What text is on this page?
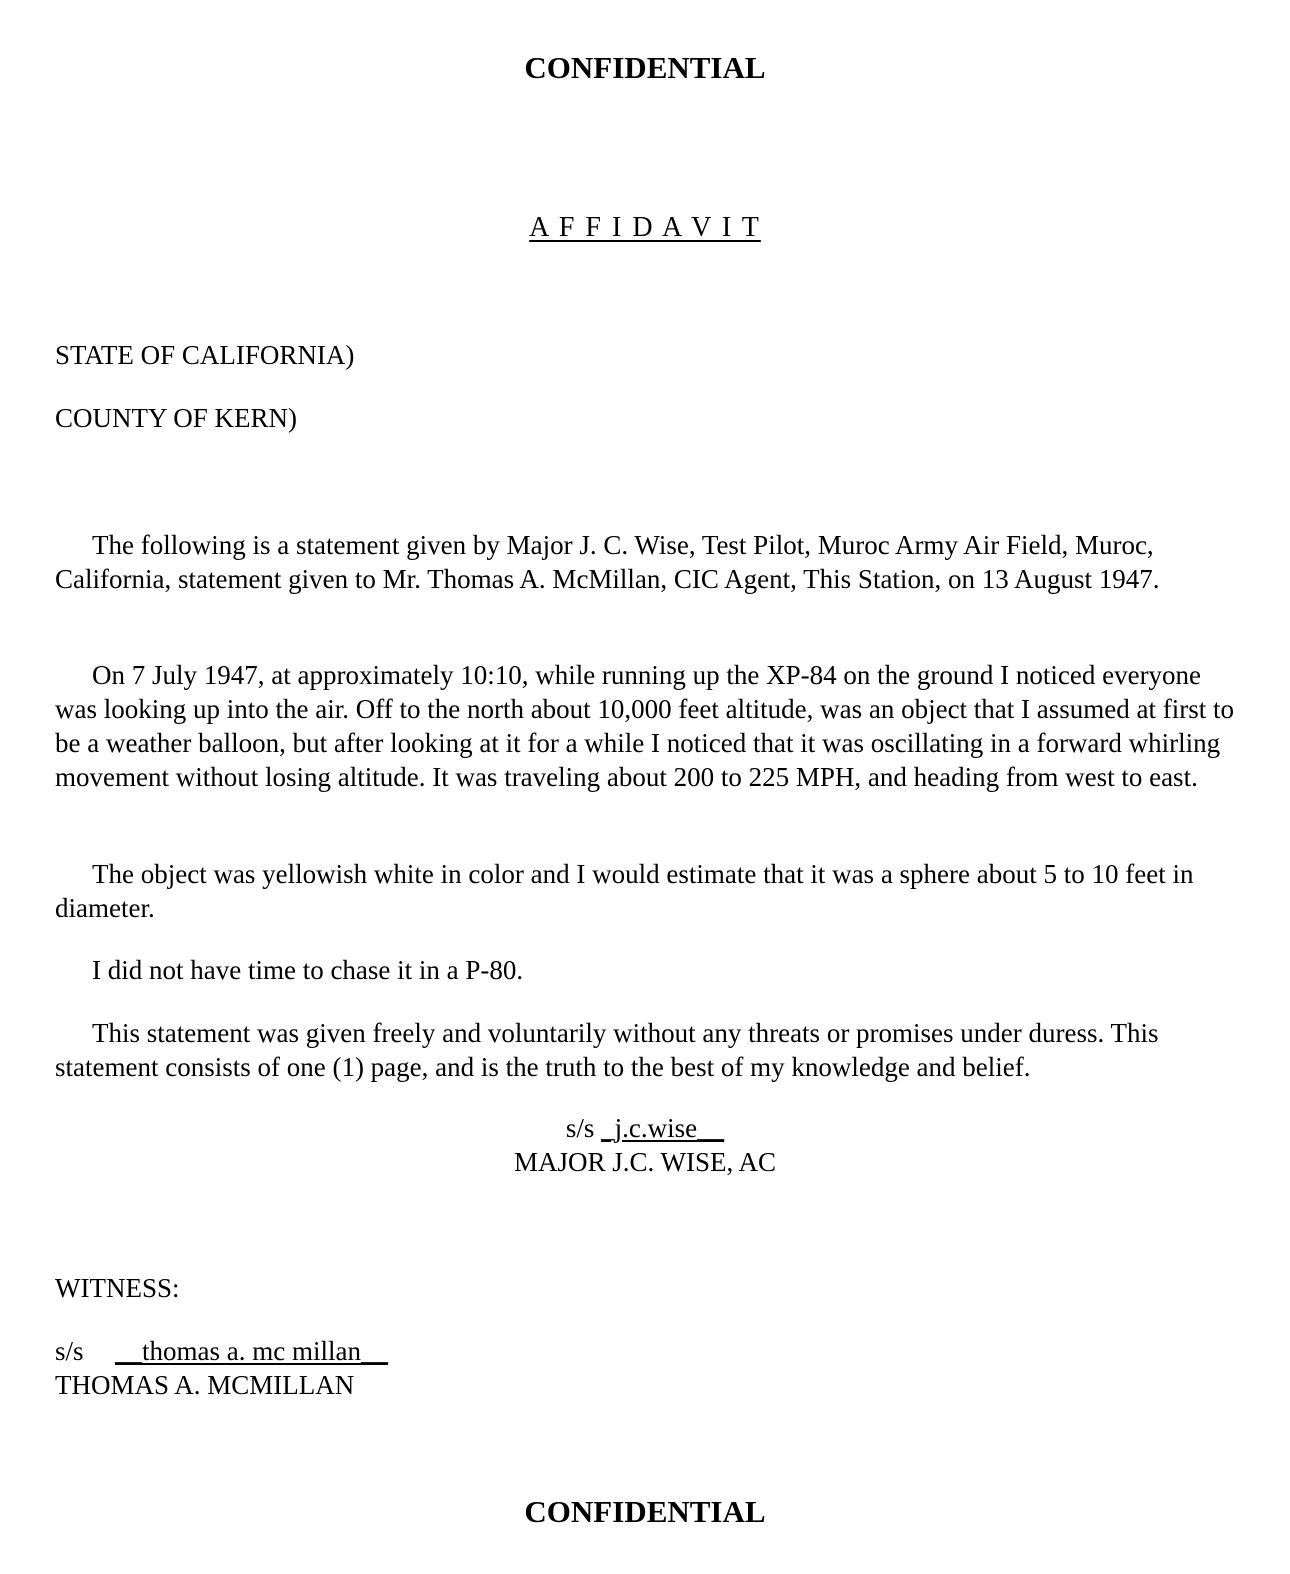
CONFIDENTIAL
A F F I D A V I T
STATE OF CALIFORNIA)
COUNTY OF KERN)

The following is a statement given by Major J. C. Wise, Test Pilot, Muroc Army Air Field, Muroc, California, statement given to Mr. Thomas A. McMillan, CIC Agent, This Station, on 13 August 1947.

On 7 July 1947, at approximately 10:10, while running up the XP-84 on the ground I noticed everyone was looking up into the air. Off to the north about 10,000 feet altitude, was an object that I assumed at first to be a weather balloon, but after looking at it for a while I noticed that it was oscillating in a forward whirling movement without losing altitude. It was traveling about 200 to 225 MPH, and heading from west to east.

The object was yellowish white in color and I would estimate that it was a sphere about 5 to 10 feet in diameter.

I did not have time to chase it in a P-80.

This statement was given freely and voluntarily without any threats or promises under duress. This statement consists of one (1) page, and is the truth to the best of my knowledge and belief.

s/s _j.c.wise__
MAJOR J.C. WISE, AC
WITNESS:
s/s __thomas a. mc millan__
THOMAS A. MCMILLAN
CONFIDENTIAL
